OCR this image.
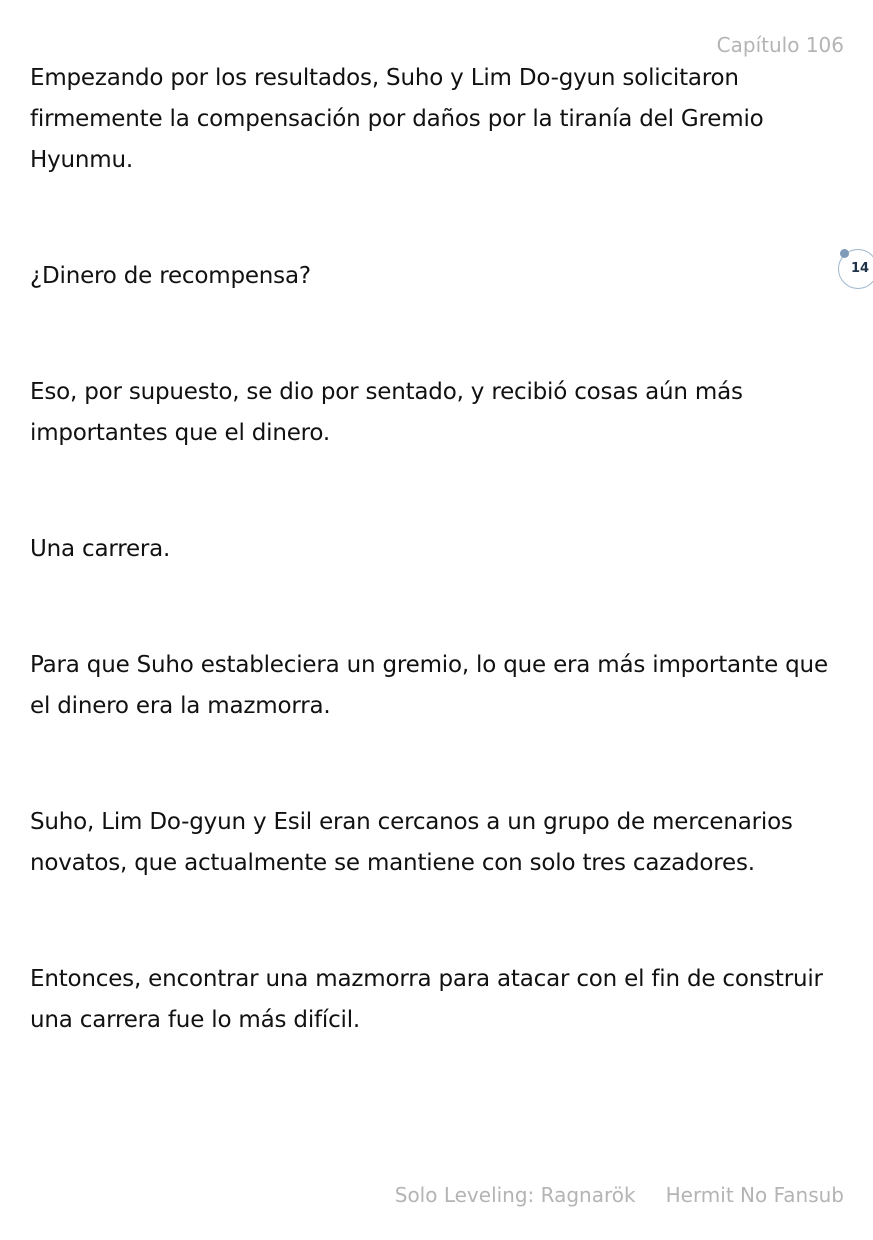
Capítulo 106

Empezando por los resultados, Suho y Lim Do-gyun solicitaron firmemente la compensación por daños por la tiranía del Gremio Hyunmu.

¿Dinero de recompensa?

Eso, por supuesto, se dio por sentado, y recibió cosas aún más importantes que el dinero.

Una carrera.

Para que Suho estableciera un gremio, lo que era más importante que el dinero era la mazmorra.

Suho, Lim Do-gyun y Esil eran cercanos a un grupo de mercenarios novatos, que actualmente se mantiene con solo tres cazadores.

Entonces, encontrar una mazmorra para atacar con el fin de construir una carrera fue lo más difícil.

14
Solo Leveling: Ragnarök Hermit No Fansub
